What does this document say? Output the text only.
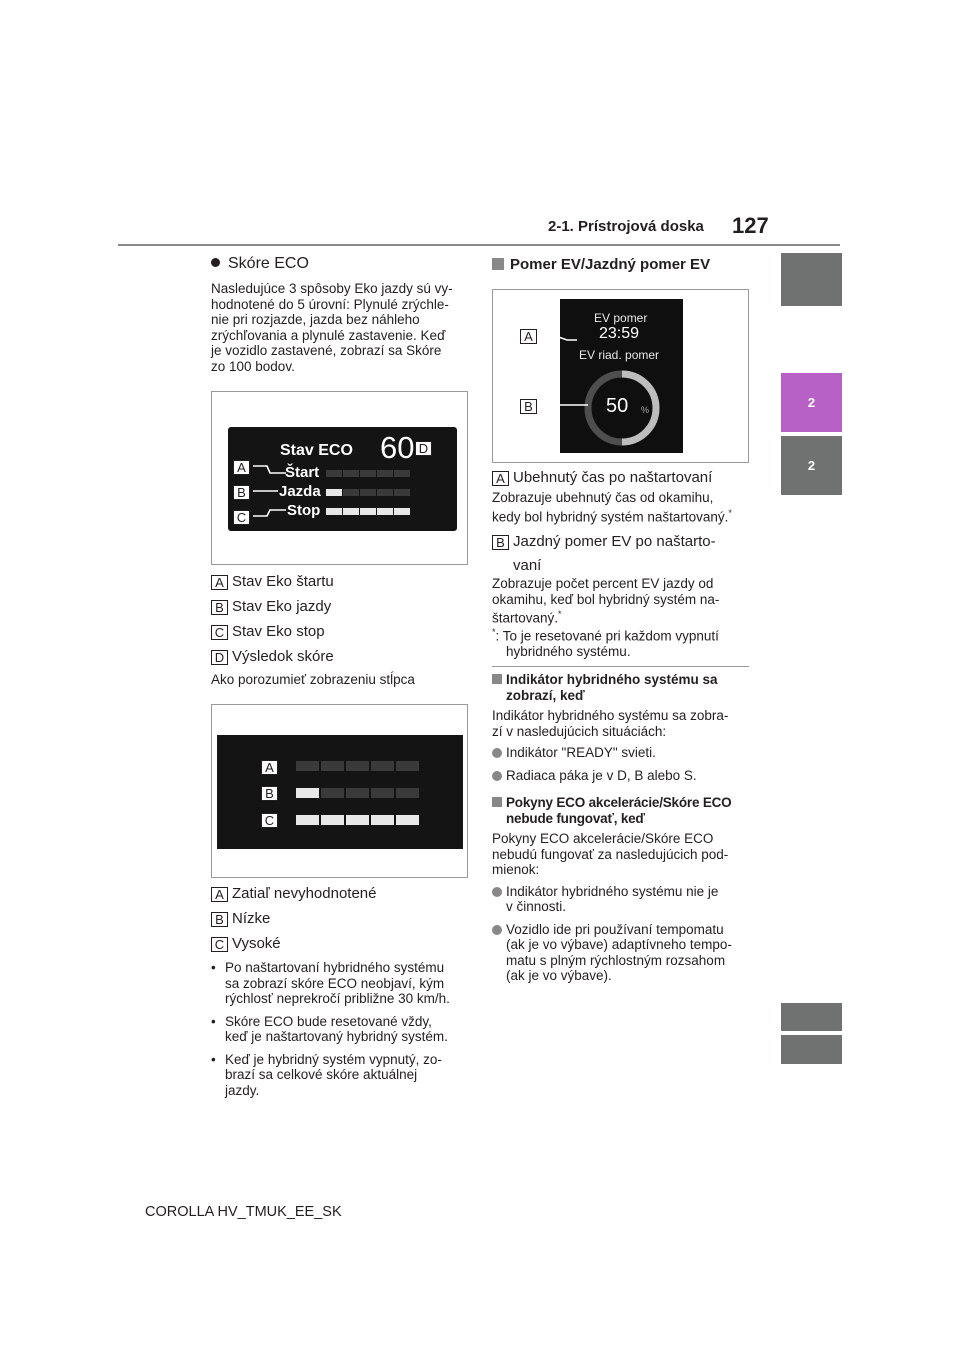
2-1. Prístrojová doska 127
2
2
Skóre ECO
Nasledujúce 3 spôsoby Eko jazdy sú vy-
hodnotené do 5 úrovní: Plynulé zrýchle-
nie pri rozjazde, jazda bez náhleho
zrýchľovania a plynulé zastavenie. Keď
je vozidlo zastavené, zobrazí sa Skóre
zo 100 bodov.
Stav ECO 60 D
Štart
Jazda
Stop
A
B
C
A Stav Eko štartu
B Stav Eko jazdy
C Stav Eko stop
D Výsledok skóre
Ako porozumieť zobrazeniu stĺpca
A
B
C
A Zatiaľ nevyhodnotené
B Nízke
C Vysoké
• Po naštartovaní hybridného systému
sa zobrazí skóre ECO neobjaví, kým
rýchlosť neprekročí približne 30 km/h.
• Skóre ECO bude resetované vždy,
keď je naštartovaný hybridný systém.
• Keď je hybridný systém vypnutý, zo-
brazí sa celkové skóre aktuálnej
jazdy.
Pomer EV/Jazdný pomer EV
EV pomer
23:59
EV riad. pomer
50 %
A
B
A Ubehnutý čas po naštartovaní
Zobrazuje ubehnutý čas od okamihu,
kedy bol hybridný systém naštartovaný.*
B Jazdný pomer EV po naštarto-
vaní
Zobrazuje počet percent EV jazdy od
okamihu, keď bol hybridný systém na-
štartovaný.*
*: To je resetované pri každom vypnutí
hybridného systému.
Indikátor hybridného systému sa
zobrazí, keď
Indikátor hybridného systému sa zobra-
zí v nasledujúcich situáciách:
Indikátor "READY" svieti.
Radiaca páka je v D, B alebo S.
Pokyny ECO akcelerácie/Skóre ECO
nebude fungovať, keď
Pokyny ECO akcelerácie/Skóre ECO
nebudú fungovať za nasledujúcich pod-
mienok:
Indikátor hybridného systému nie je
v činnosti.
Vozidlo ide pri používaní tempomatu
(ak je vo výbave) adaptívneho tempo-
matu s plným rýchlostným rozsahom
(ak je vo výbave).
COROLLA HV_TMUK_EE_SK
